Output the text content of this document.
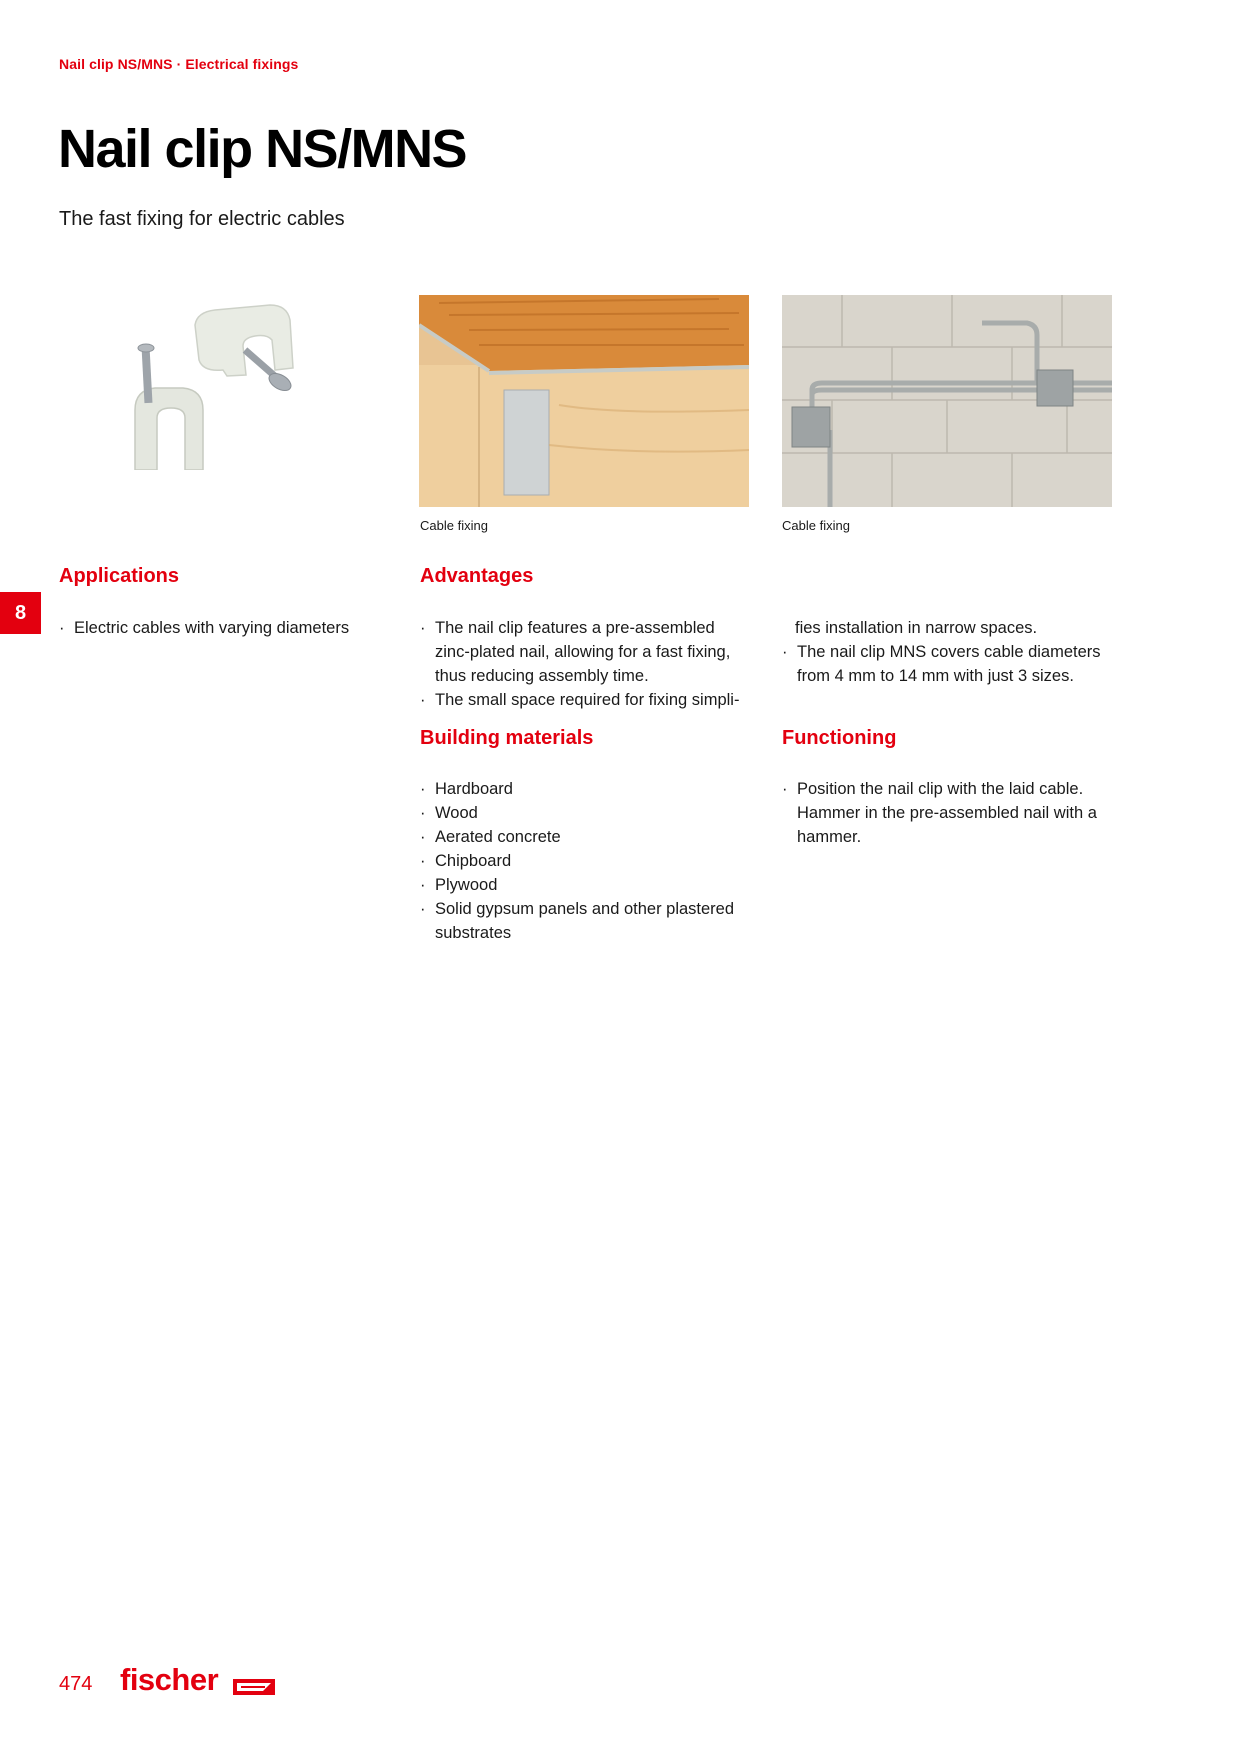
Nail clip NS/MNS · Electrical fixings
Nail clip NS/MNS
The fast fixing for electric cables
Cable fixing	Cable fixing
8
Applications
· Electric cables with varying diameters
Advantages
· The nail clip features a pre-assembled zinc-plated nail, allowing for a fast fixing, thus reducing assembly time.
· The small space required for fixing simpli-
fies installation in narrow spaces.
· The nail clip MNS covers cable diameters from 4 mm to 14 mm with just 3 sizes.
Building materials
· Hardboard
· Wood
· Aerated concrete
· Chipboard
· Plywood
· Solid gypsum panels and other plastered substrates
Functioning
· Position the nail clip with the laid cable. Hammer in the pre-assembled nail with a hammer.
474 fischer
